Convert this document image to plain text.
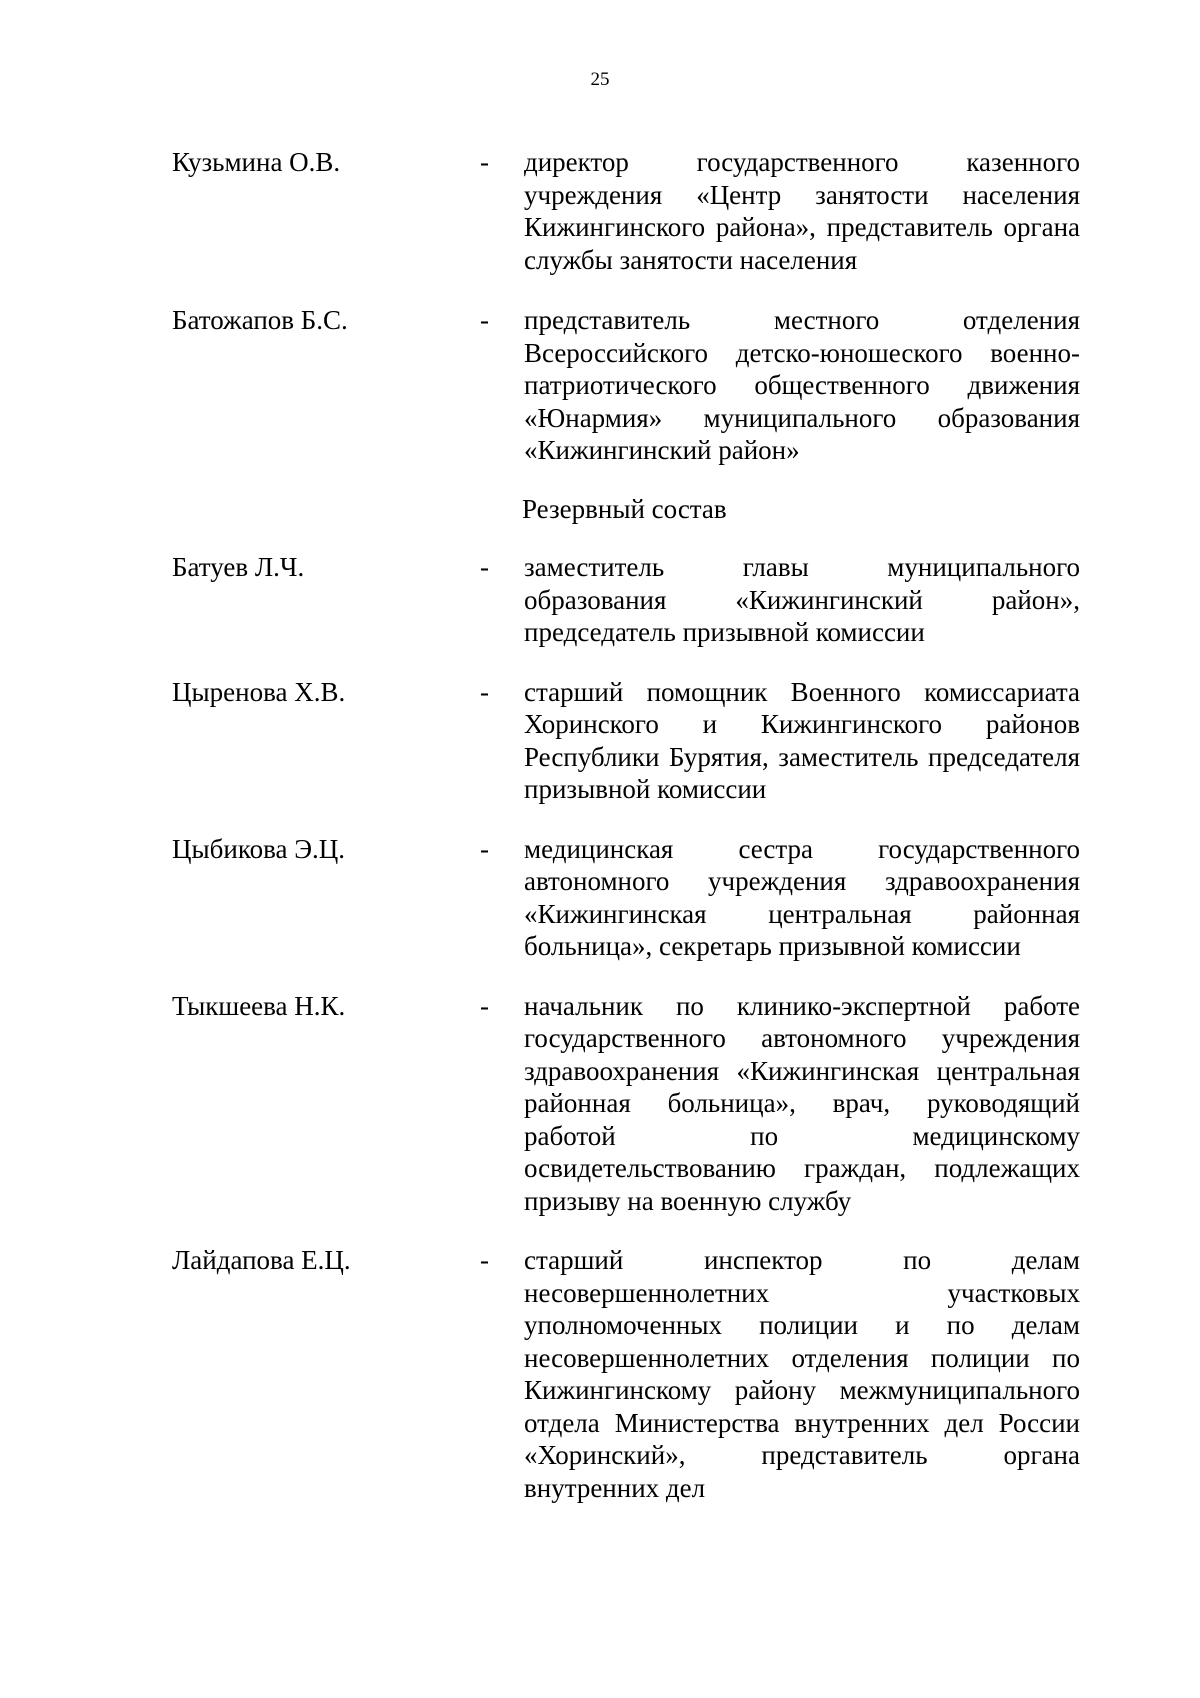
25
Кузьмина О.В.	- директор государственного казенного учреждения «Центр занятости населения Кижингинского района», представитель органа службы занятости населения
Батожапов Б.С.	- представитель местного отделения Всероссийского детско-юношеского военно-патриотического общественного движения «Юнармия» муниципального образования «Кижингинский район»
Резервный состав
Батуев Л.Ч.	- заместитель главы муниципального образования «Кижингинский район», председатель призывной комиссии
Цыренова Х.В.	- старший помощник Военного комиссариата Хоринского и Кижингинского районов Республики Бурятия, заместитель председателя призывной комиссии
Цыбикова Э.Ц.	- медицинская сестра государственного автономного учреждения здравоохранения «Кижингинская центральная районная больница», секретарь призывной комиссии
Тыкшеева Н.К.	- начальник по клинико-экспертной работе государственного автономного учреждения здравоохранения «Кижингинская центральная районная больница», врач, руководящий работой по медицинскому освидетельствованию граждан, подлежащих призыву на военную службу
Лайдапова Е.Ц.	- старший инспектор по делам несовершеннолетних участковых уполномоченных полиции и по делам несовершеннолетних отделения полиции по Кижингинскому району межмуниципального отдела Министерства внутренних дел России «Хоринский», представитель органа внутренних дел
